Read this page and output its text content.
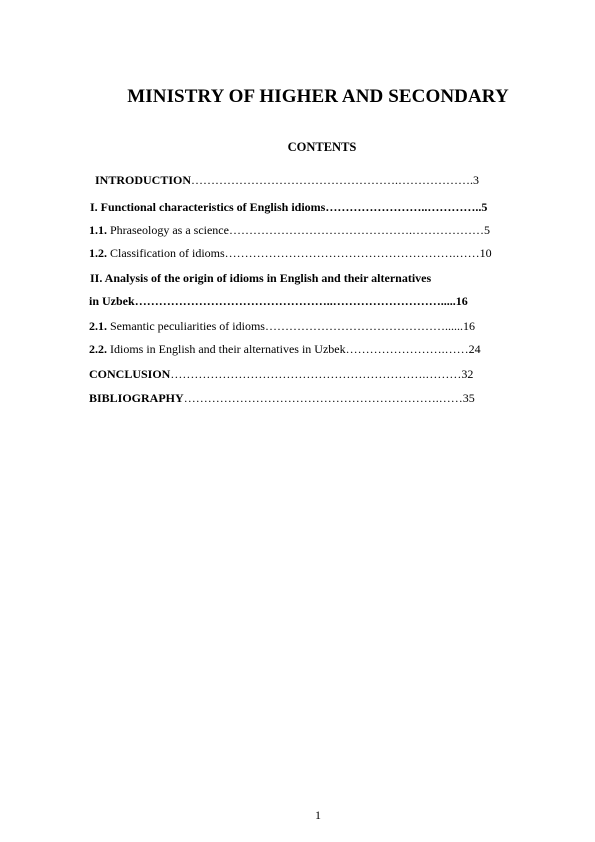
MINISTRY OF HIGHER AND SECONDARY
CONTENTS
INTRODUCTION…………………………………………….……………….3
I. Functional characteristics of English idioms……………………..…………..5
1.1. Phraseology as a science……………………………………….………………5
1.2. Classification of idioms………………………………………………….……10
II. Analysis of the origin of idioms in English and their alternatives
in Uzbek…………………………………………..……………………….....16
2.1. Semantic peculiarities of idioms………………………………………......16
2.2. Idioms in English and their alternatives in Uzbek…………………….……24
CONCLUSION……………………………………………………….………32
BIBLIOGRAPHY……………………………………………………….……35
1
